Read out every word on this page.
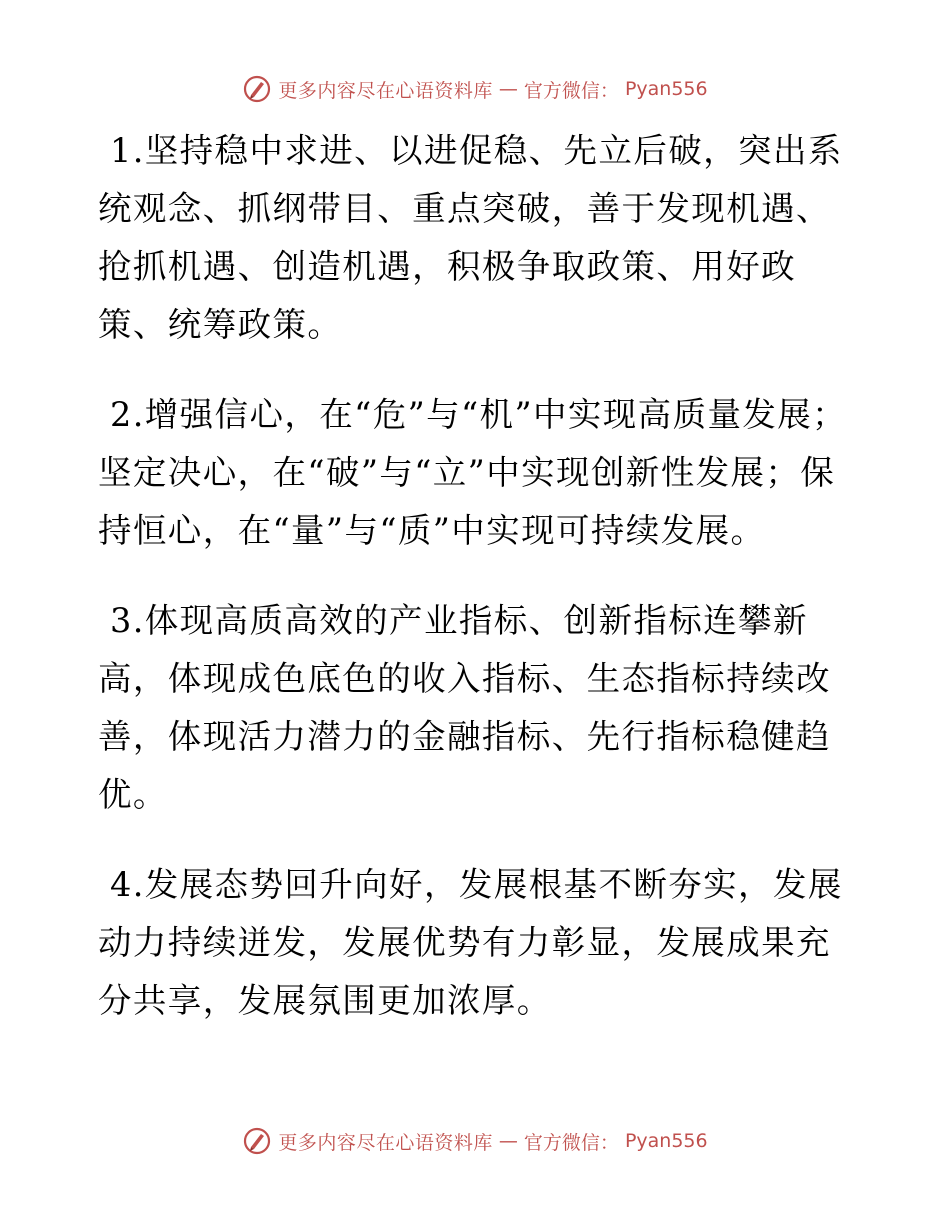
更多内容尽在心语资料库 — 官方微信： Pyan556

1.坚持稳中求进、以进促稳、先立后破，突出系统观念、抓纲带目、重点突破，善于发现机遇、抢抓机遇、创造机遇，积极争取政策、用好政策、统筹政策。

2.增强信心，在“危”与“机”中实现高质量发展；坚定决心，在“破”与“立”中实现创新性发展；保持恒心，在“量”与“质”中实现可持续发展。

3.体现高质高效的产业指标、创新指标连攀新高，体现成色底色的收入指标、生态指标持续改善，体现活力潜力的金融指标、先行指标稳健趋优。

4.发展态势回升向好，发展根基不断夯实，发展动力持续迸发，发展优势有力彰显，发展成果充分共享，发展氛围更加浓厚。

更多内容尽在心语资料库 — 官方微信： Pyan556
